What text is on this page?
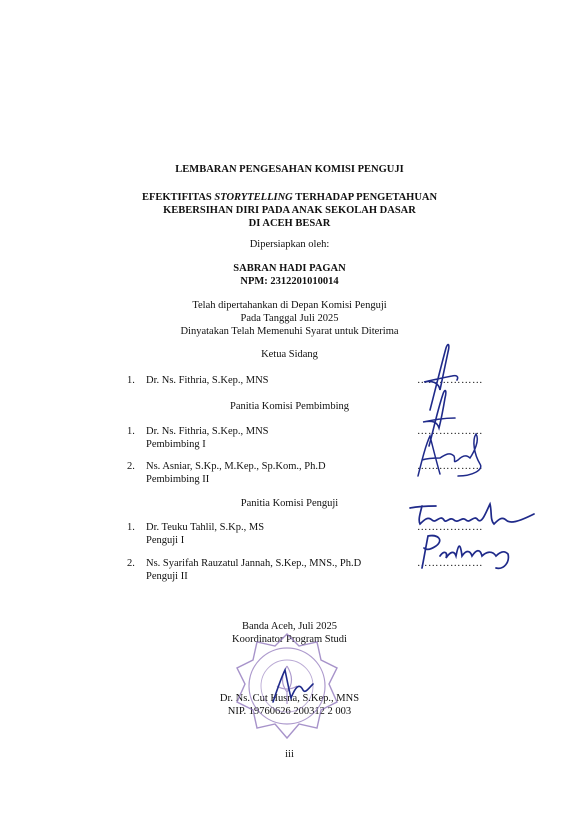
LEMBARAN PENGESAHAN KOMISI PENGUJI
EFEKTIFITAS STORYTELLING TERHADAP PENGETAHUAN
KEBERSIHAN DIRI PADA ANAK SEKOLAH DASAR
DI ACEH BESAR
Dipersiapkan oleh:
SABRAN HADI PAGAN
NPM: 2312201010014
Telah dipertahankan di Depan Komisi Penguji
Pada Tanggal Juli 2025
Dinyatakan Telah Memenuhi Syarat untuk Diterima
Ketua Sidang
1. Dr. Ns. Fithria, S.Kep., MNS	………………
Panitia Komisi Pembimbing
1. Dr. Ns. Fithria, S.Kep., MNS
Pembimbing I
………………
2. Ns. Asniar, S.Kp., M.Kep., Sp.Kom., Ph.D
Pembimbing II
………………
Panitia Komisi Penguji
1. Dr. Teuku Tahlil, S.Kp., MS
Penguji I
………………
2. Ns. Syarifah Rauzatul Jannah, S.Kep., MNS., Ph.D
Penguji II
………………
Banda Aceh, Juli 2025
Koordinator Program Studi
Dr. Ns. Cut Husna, S.Kep., MNS
NIP. 19760626 200312 2 003
iii
